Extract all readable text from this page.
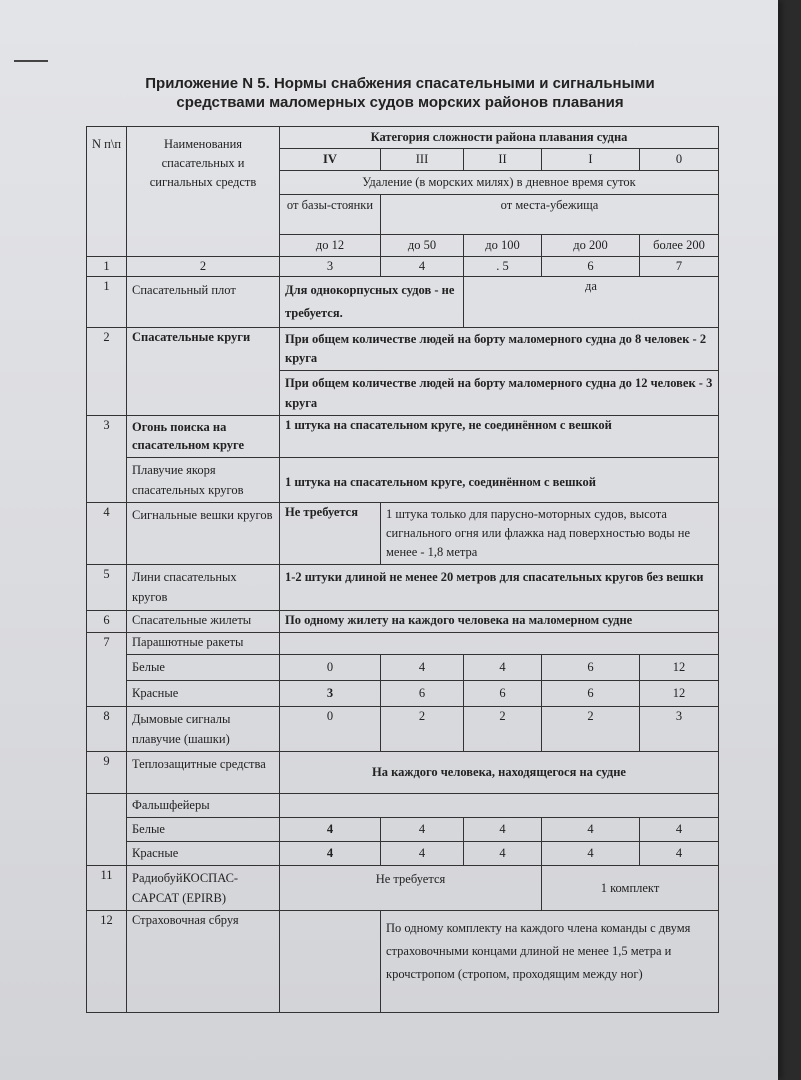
Приложение N 5. Нормы снабжения спасательными и сигнальными
средствами маломерных судов морских районов плавания
N п\п	Наименования спасательных и сигнальных средств	Категория сложности района плавания судна				
		IV	III	II	I	0
		Удаление (в морских милях) в дневное время суток				
		от базы-стоянки	от места-убежища			
		до 12	до 50	до 100	до 200	более 200
1	2	3	4	. 5	6	7
1	Спасательный плот	Для однокорпусных судов - не требуется.		да		
2	Спасательные круги	При общем количестве людей на борту маломерного судна до 8 человек - 2 круга				
		При общем количестве людей на борту маломерного судна до 12 человек - 3 круга				
3	Огонь поиска на спасательном круге	1 штука на спасательном круге, не соединённом с вешкой				
	Плавучие якоря спасательных кругов	1 штука на спасательном круге, соединённом с вешкой				
4	Сигнальные вешки кругов	Не требуется	1 штука только для парусно-моторных судов, высота сигнального огня или флажка над поверхностью воды не менее - 1,8 метра			
5	Лини спасательных кругов	1-2 штуки длиной не менее 20 метров для спасательных кругов без вешки				
6	Спасательные жилеты	По одному жилету на каждого человека на маломерном судне				
7	Парашютные ракеты					
	Белые	0	4	4	6	12
	Красные	3	6	6	6	12
8	Дымовые сигналы плавучие (шашки)	0	2	2	2	3
9	Теплозащитные средства	На каждого человека, находящегося на судне				
	Фальшфейеры					
	Белые	4	4	4	4	4
	Красные	4	4	4	4	4
11	РадиобуйКОСПАС-САРСАТ (EPIRB)	Не требуется			1 комплект	
12	Страховочная сбруя		По одному комплекту на каждого члена команды с двумя страховочными концами длиной не менее 1,5 метра и крочстропом (стропом, проходящим между ног)			
